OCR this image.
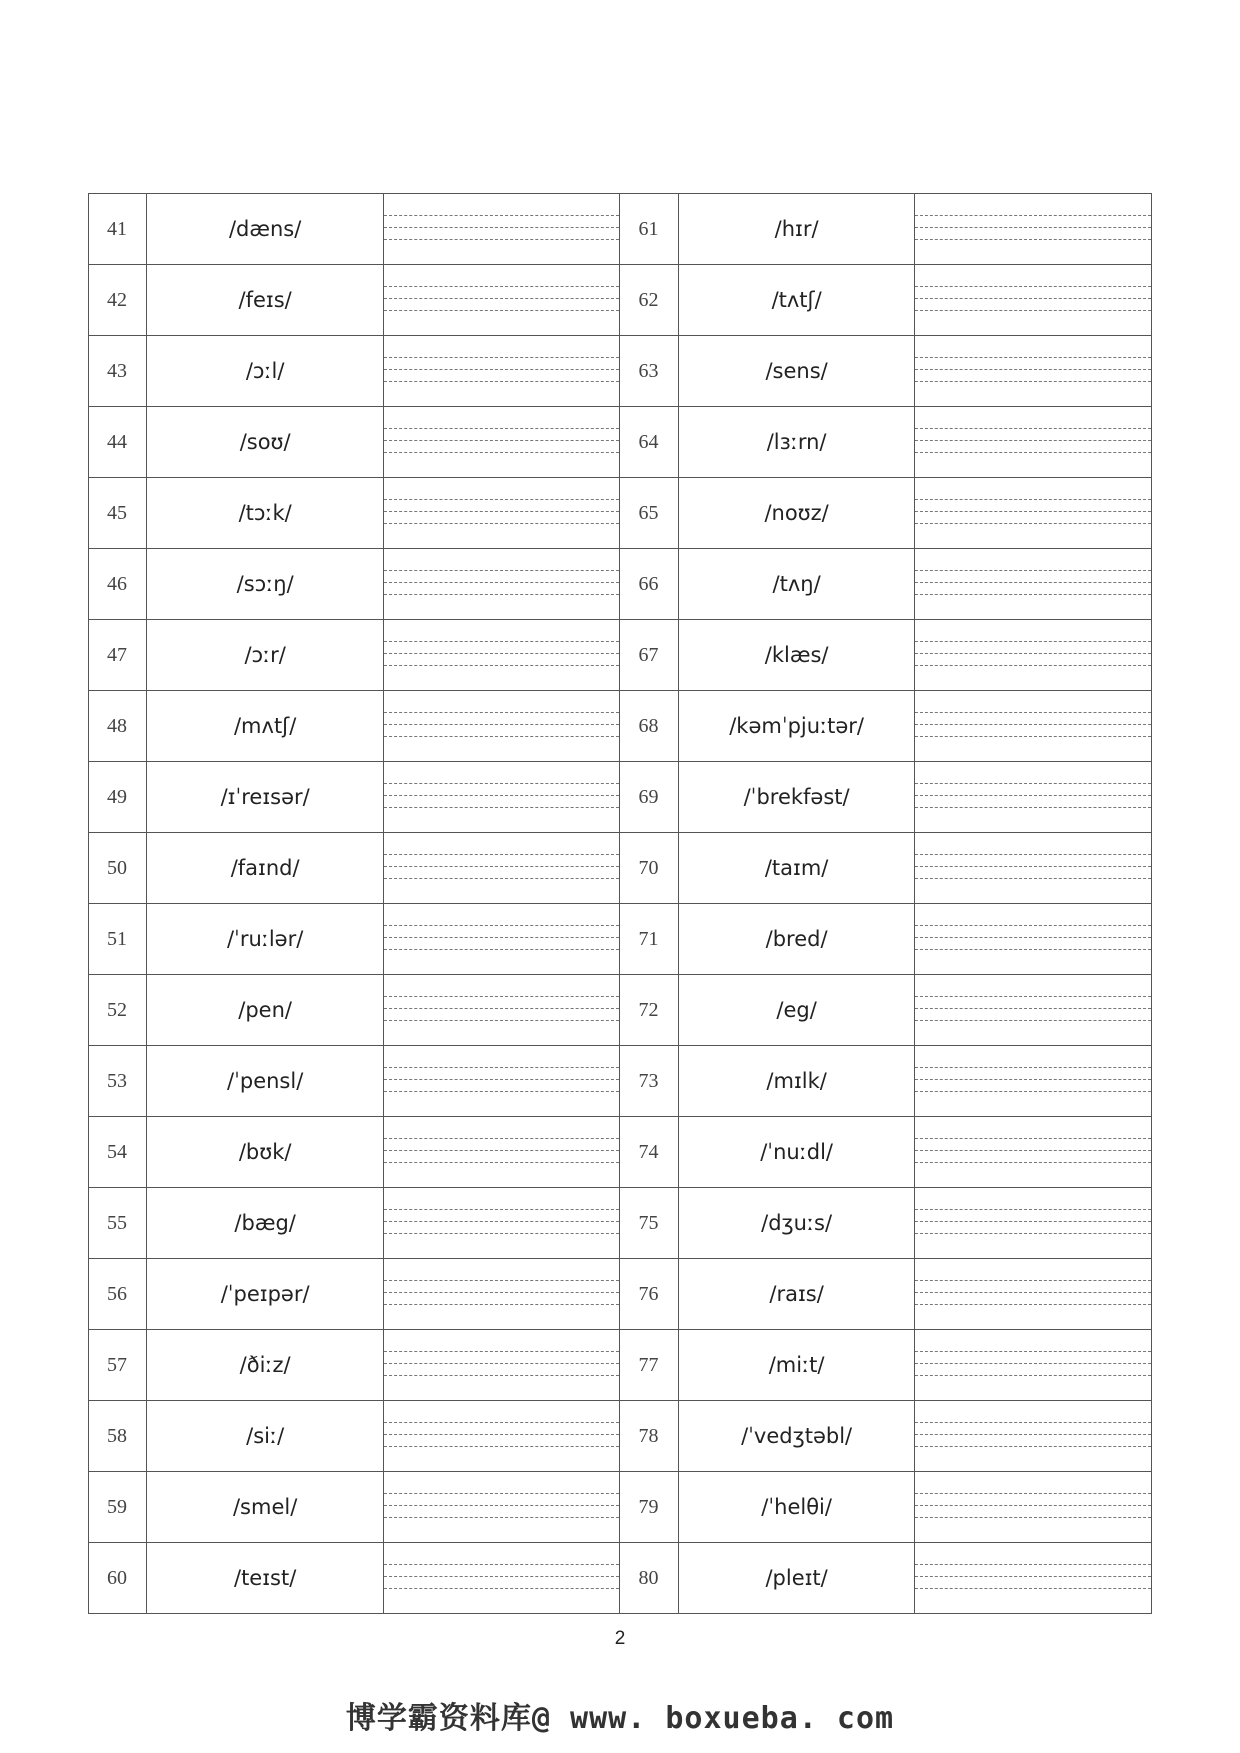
41	/dæns/		61	/hɪr/	

42	/feɪs/		62	/tʌtʃ/	

43	/ɔːl/		63	/sens/	

44	/soʊ/		64	/lɜːrn/	

45	/tɔːk/		65	/noʊz/	

46	/sɔːŋ/		66	/tʌŋ/	

47	/ɔːr/		67	/klæs/	

48	/mʌtʃ/		68	/kəmˈpjuːtər/	

49	/ɪˈreɪsər/		69	/ˈbrekfəst/	

50	/faɪnd/		70	/taɪm/	

51	/ˈruːlər/		71	/bred/	

52	/pen/		72	/eg/	

53	/ˈpensl/		73	/mɪlk/	

54	/bʊk/		74	/ˈnuːdl/	

55	/bæg/		75	/dʒuːs/	

56	/ˈpeɪpər/		76	/raɪs/	

57	/ðiːz/		77	/miːt/	

58	/siː/		78	/ˈvedʒtəbl/	

59	/smel/		79	/ˈhelθi/	

60	/teɪst/		80	/pleɪt/	
2
博学霸资料库@ www. boxueba. com
